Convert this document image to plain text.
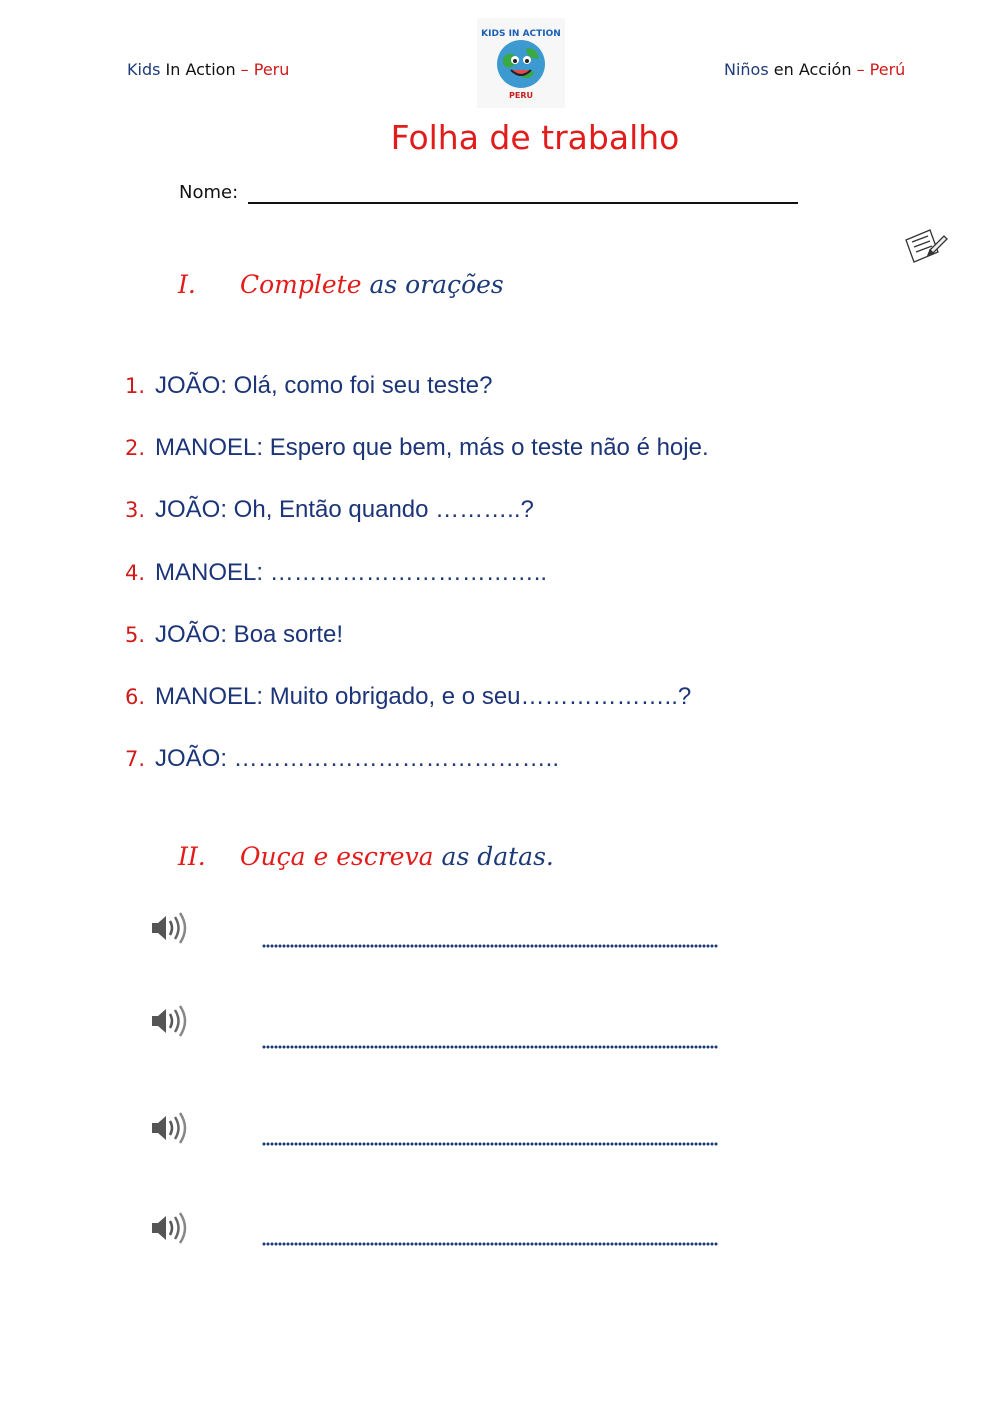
Kids In Action – Peru
KIDS IN ACTION
PERU
Niños en Acción – Perú
Folha de trabalho
Nome:
I. Complete as orações
1. JOÃO: Olá, como foi seu teste?
2. MANOEL: Espero que bem, más o teste não é hoje.
3. JOÃO: Oh, Então quando ………..?
4. MANOEL: ……………………………..
5. JOÃO: Boa sorte!
6. MANOEL: Muito obrigado, e o seu………………..?
7. JOÃO: …………………………………..
II. Ouça e escreva as datas.
